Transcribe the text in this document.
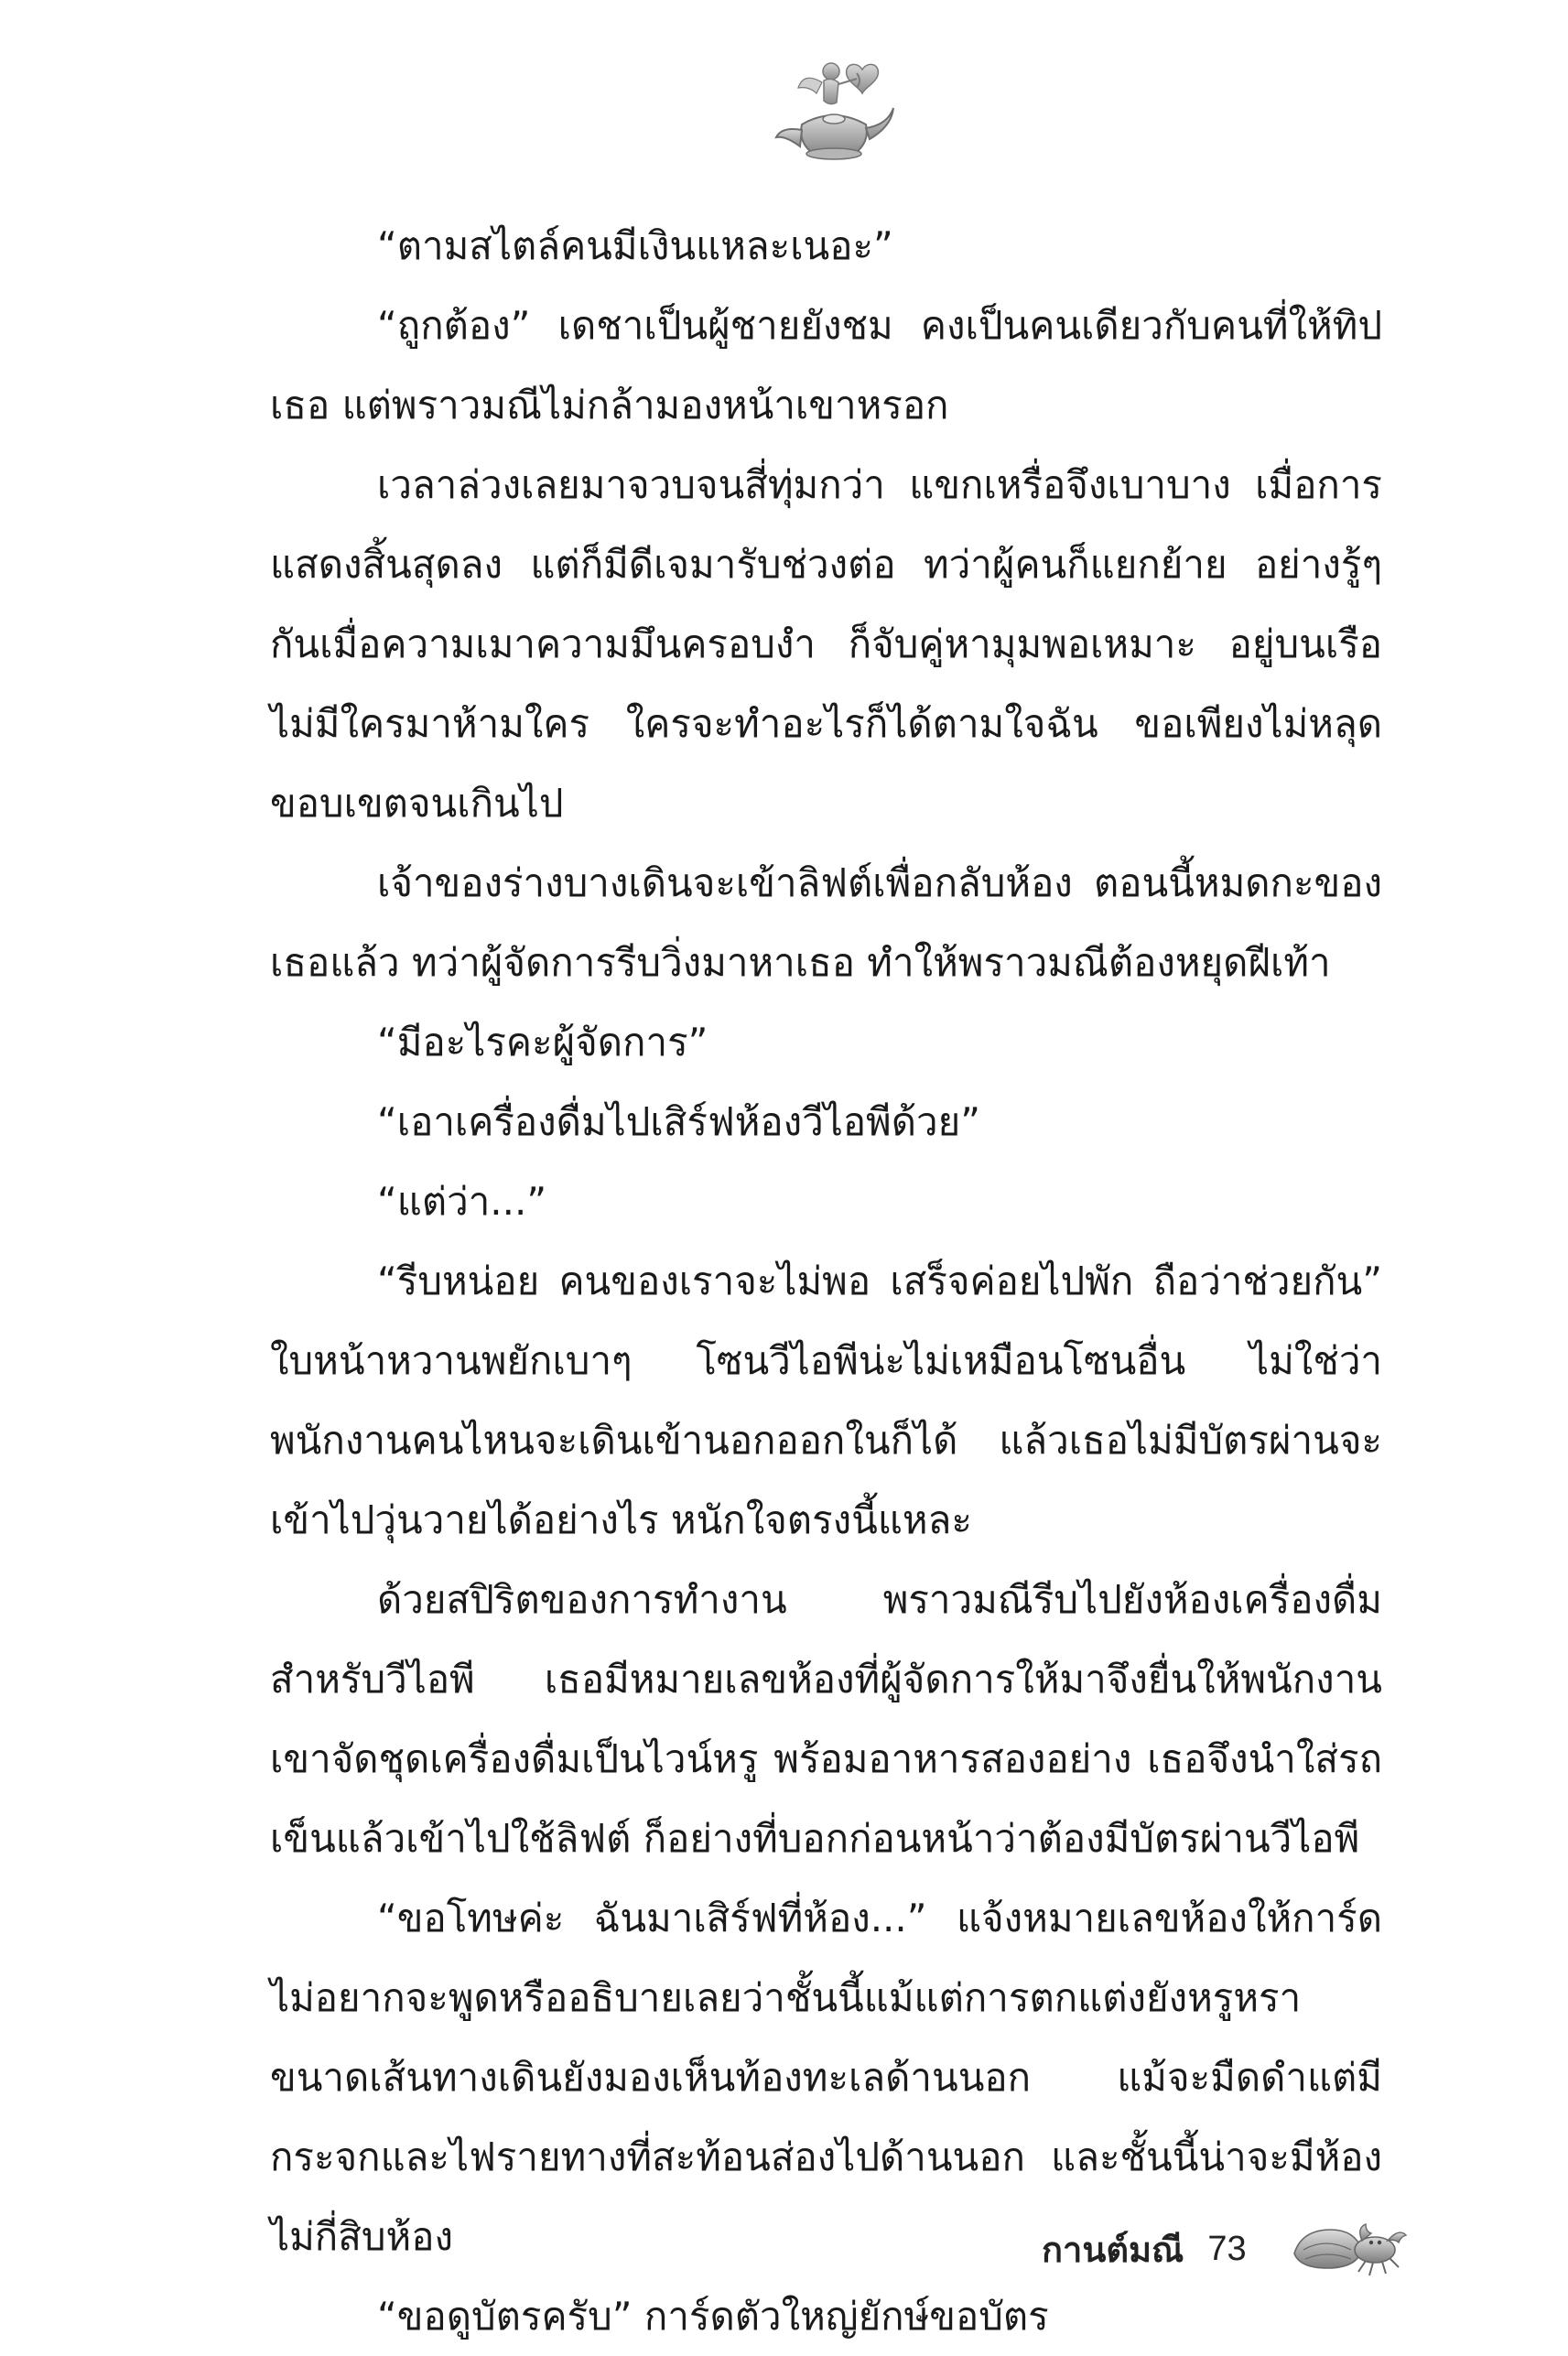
“ตามสไตล์คนมีเงินแหละเนอะ”

“ถูกต้อง” เดชาเป็นผู้ชายยังชม คงเป็นคนเดียวกับคนที่ให้ทิปเธอ แต่พราวมณีไม่กล้ามองหน้าเขาหรอก

เวลาล่วงเลยมาจวบจนสี่ทุ่มกว่า แขกเหรื่อจึงเบาบาง เมื่อการแสดงสิ้นสุดลง แต่ก็มีดีเจมารับช่วงต่อ ทว่าผู้คนก็แยกย้าย อย่างรู้ๆ กันเมื่อความเมาความมึนครอบงำ ก็จับคู่หามุมพอเหมาะ อยู่บนเรือไม่มีใครมาห้ามใคร ใครจะทำอะไรก็ได้ตามใจฉัน ขอเพียงไม่หลุดขอบเขตจนเกินไป

เจ้าของร่างบางเดินจะเข้าลิฟต์เพื่อกลับห้อง ตอนนี้หมดกะของเธอแล้ว ทว่าผู้จัดการรีบวิ่งมาหาเธอ ทำให้พราวมณีต้องหยุดฝีเท้า

“มีอะไรคะผู้จัดการ”

“เอาเครื่องดื่มไปเสิร์ฟห้องวีไอพีด้วย”

“แต่ว่า...”

“รีบหน่อย คนของเราจะไม่พอ เสร็จค่อยไปพัก ถือว่าช่วยกัน” ใบหน้าหวานพยักเบาๆ โซนวีไอพีน่ะไม่เหมือนโซนอื่น ไม่ใช่ว่าพนักงานคนไหนจะเดินเข้านอกออกในก็ได้ แล้วเธอไม่มีบัตรผ่านจะเข้าไปวุ่นวายได้อย่างไร หนักใจตรงนี้แหละ

ด้วยสปิริตของการทำงาน พราวมณีรีบไปยังห้องเครื่องดื่มสำหรับวีไอพี เธอมีหมายเลขห้องที่ผู้จัดการให้มาจึงยื่นให้พนักงาน เขาจัดชุดเครื่องดื่มเป็นไวน์หรู พร้อมอาหารสองอย่าง เธอจึงนำใส่รถเข็นแล้วเข้าไปใช้ลิฟต์ ก็อย่างที่บอกก่อนหน้าว่าต้องมีบัตรผ่านวีไอพี

“ขอโทษค่ะ ฉันมาเสิร์ฟที่ห้อง...” แจ้งหมายเลขห้องให้การ์ดไม่อยากจะพูดหรืออธิบายเลยว่าชั้นนี้แม้แต่การตกแต่งยังหรูหรา ขนาดเส้นทางเดินยังมองเห็นท้องทะเลด้านนอก แม้จะมืดดำแต่มีกระจกและไฟรายทางที่สะท้อนส่องไปด้านนอก และชั้นนี้น่าจะมีห้องไม่กี่สิบห้อง

“ขอดูบัตรครับ” การ์ดตัวใหญ่ยักษ์ขอบัตร

กานต์มณี 73
